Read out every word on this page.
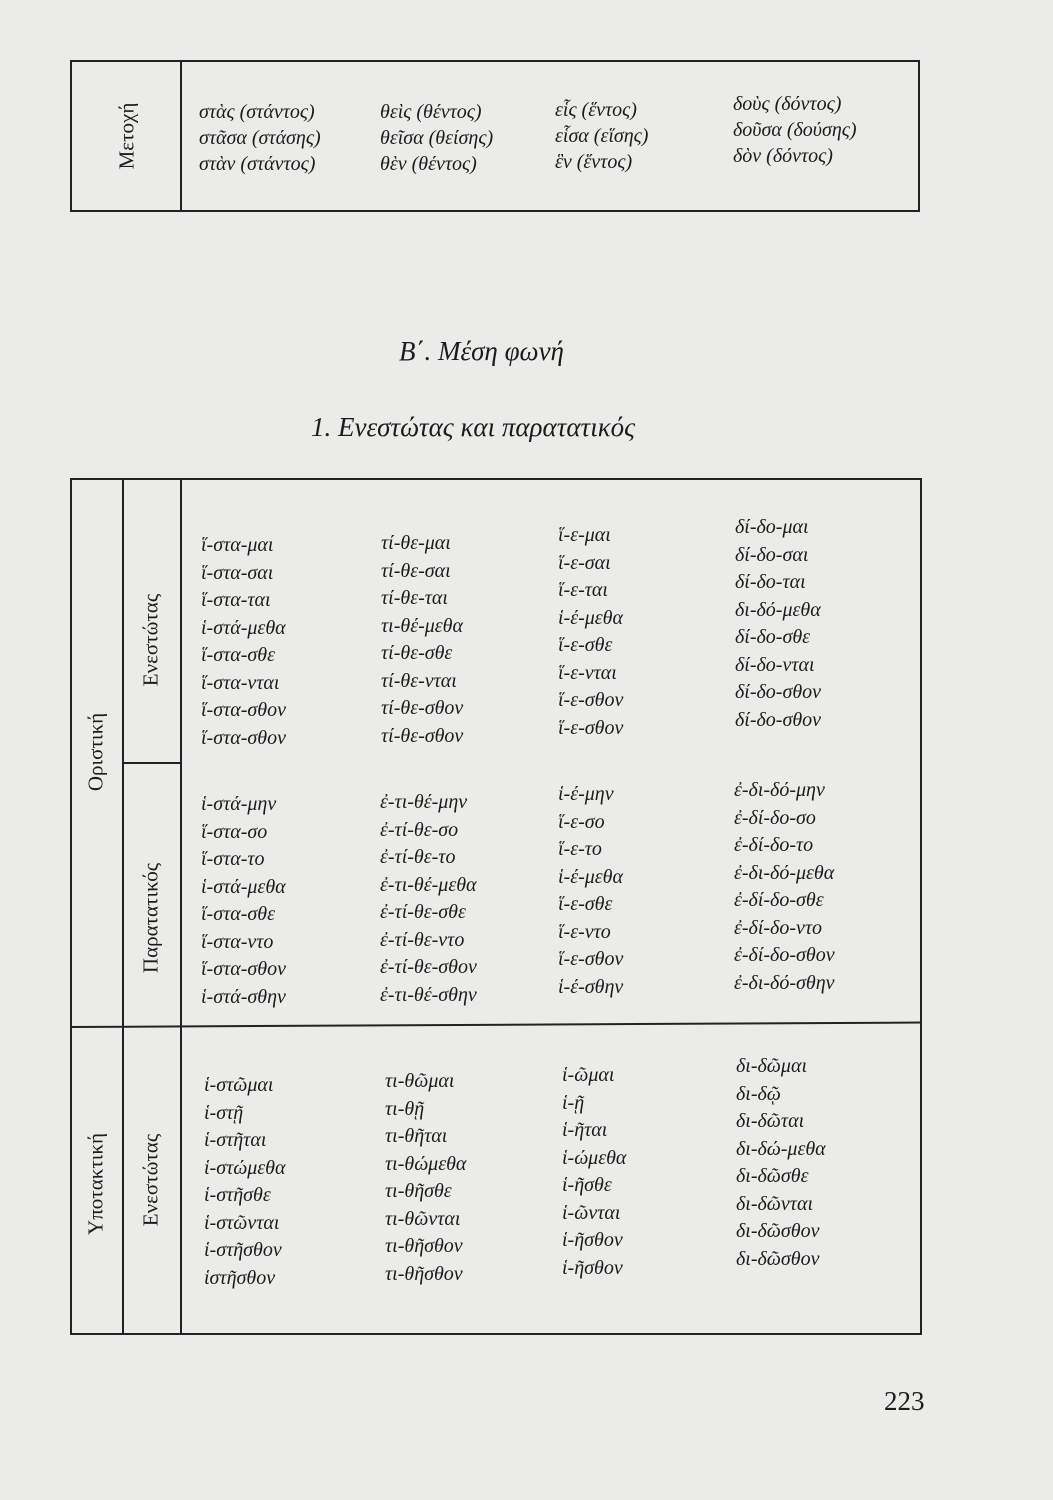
Μετοχή	στὰς (στάντος)
στᾶσα (στάσης)
στὰν (στάντος)
θεὶς (θέντος)
θεῖσα (θείσης)
θὲν (θέντος)
εἷς (ἕντος)
εἷσα (εἵσης)
ἓν (ἕντος)
δοὺς (δόντος)
δοῦσα (δούσης)
δὸν (δόντος)
Β΄. Μέση φωνή
1. Ενεστώτας και παρατατικός
Οριστική
Ενεστώτας
Παρατατικός
Υποτακτική Ενεστώτας
ἵ-στα-μαι
ἵ-στα-σαι
ἵ-στα-ται
ἱ-στά-μεθα
ἵ-στα-σθε
ἵ-στα-νται
ἵ-στα-σθον
ἵ-στα-σθον
τί-θε-μαι
τί-θε-σαι
τί-θε-ται
τι-θέ-μεθα
τί-θε-σθε
τί-θε-νται
τί-θε-σθον
τί-θε-σθον
ἵ-ε-μαι
ἵ-ε-σαι
ἵ-ε-ται
ἱ-έ-μεθα
ἵ-ε-σθε
ἵ-ε-νται
ἵ-ε-σθον
ἵ-ε-σθον
δί-δο-μαι
δί-δο-σαι
δί-δο-ται
δι-δό-μεθα
δί-δο-σθε
δί-δο-νται
δί-δο-σθον
δί-δο-σθον
ἱ-στά-μην
ἵ-στα-σο
ἵ-στα-το
ἱ-στά-μεθα
ἵ-στα-σθε
ἵ-στα-ντο
ἵ-στα-σθον
ἱ-στά-σθην
ἐ-τι-θέ-μην
ἐ-τί-θε-σο
ἐ-τί-θε-το
ἐ-τι-θέ-μεθα
ἐ-τί-θε-σθε
ἐ-τί-θε-ντο
ἐ-τί-θε-σθον
ἐ-τι-θέ-σθην
ἱ-έ-μην
ἵ-ε-σο
ἵ-ε-το
ἱ-έ-μεθα
ἵ-ε-σθε
ἵ-ε-ντο
ἵ-ε-σθον
ἱ-έ-σθην
ἐ-δι-δό-μην
ἐ-δί-δο-σο
ἐ-δί-δο-το
ἐ-δι-δό-μεθα
ἐ-δί-δο-σθε
ἐ-δί-δο-ντο
ἐ-δί-δο-σθον
ἐ-δι-δό-σθην
ἱ-στῶμαι
ἱ-στῇ
ἱ-στῆται
ἱ-στώμεθα
ἱ-στῆσθε
ἱ-στῶνται
ἱ-στῆσθον
ἱστῆσθον
τι-θῶμαι
τι-θῇ
τι-θῆται
τι-θώμεθα
τι-θῆσθε
τι-θῶνται
τι-θῆσθον
τι-θῆσθον
ἱ-ῶμαι
ἱ-ῇ
ἱ-ῆται
ἱ-ώμεθα
ἱ-ῆσθε
ἱ-ῶνται
ἱ-ῆσθον
ἱ-ῆσθον
δι-δῶμαι
δι-δῷ
δι-δῶται
δι-δώ-μεθα
δι-δῶσθε
δι-δῶνται
δι-δῶσθον
δι-δῶσθον
223
